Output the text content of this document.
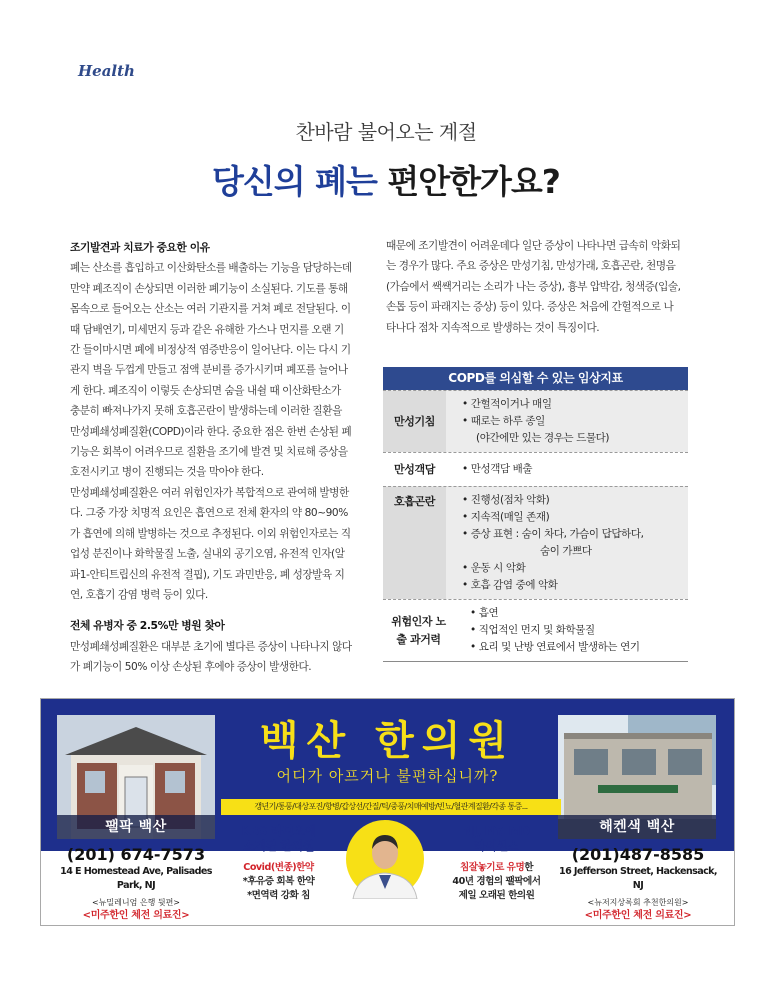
Health
찬바람 불어오는 계절
당신의 폐는 편안한가요?
조기발견과 치료가 중요한 이유

폐는 산소를 흡입하고 이산화탄소를 배출하는 기능을 담당하는데 만약 폐조직이 손상되면 이러한 폐기능이 소실된다. 기도를 통해 몸속으로 들어오는 산소는 여러 기관지를 거쳐 폐로 전달된다. 이때 담배연기, 미세먼지 등과 같은 유해한 가스나 먼지를 오랜 기간 들이마시면 폐에 비정상적 염증반응이 일어난다. 이는 다시 기관지 벽을 두껍게 만들고 점액 분비를 증가시키며 폐포를 늘어나게 한다. 폐조직이 이렇듯 손상되면 숨을 내쉴 때 이산화탄소가 충분히 빠져나가지 못해 호흡곤란이 발생하는데 이러한 질환을 만성폐쇄성폐질환(COPD)이라 한다. 중요한 점은 한번 손상된 폐기능은 회복이 어려우므로 질환을 조기에 발견 및 치료해 증상을 호전시키고 병이 진행되는 것을 막아야 한다.

만성폐쇄성폐질환은 여러 위험인자가 복합적으로 관여해 발병한다. 그중 가장 치명적 요인은 흡연으로 전체 환자의 약 80~90%가 흡연에 의해 발병하는 것으로 추정된다. 이외 위험인자로는 직업성 분진이나 화학물질 노출, 실내외 공기오염, 유전적 인자(알파1-안티트립신의 유전적 결핍), 기도 과민반응, 폐 성장발육 지연, 호흡기 감염 병력 등이 있다.

전체 유병자 중 2.5%만 병원 찾아

만성폐쇄성폐질환은 대부분 초기에 별다른 증상이 나타나지 않다가 폐기능이 50% 이상 손상된 후에야 증상이 발생한다.

때문에 조기발견이 어려운데다 일단 증상이 나타나면 급속히 악화되는 경우가 많다. 주요 증상은 만성기침, 만성가래, 호흡곤란, 천명음(가슴에서 쌕쌕거리는 소리가 나는 증상), 흉부 압박감, 청색증(입술, 손톱 등이 파래지는 증상) 등이 있다. 증상은 처음에 간헐적으로 나타나다 점차 지속적으로 발생하는 것이 특징이다.

COPD를 의심할 수 있는 임상지표
만성기침
• 간헐적이거나 매일
• 때로는 하루 종일
(야간에만 있는 경우는 드물다)
만성객담	• 만성객담 배출
호흡곤란	• 진행성(점차 악화)
• 지속적(매일 존재)
• 증상 표현 : 숨이 차다, 가슴이 답답하다,
숨이 가쁘다
• 운동 시 악화
• 호흡 감염 중에 악화
위험인자 노출 과거력
• 흡연
• 직업적인 먼지 및 화학물질
• 요리 및 난방 연료에서 발생하는 연기
팰팍 백산	해켄색 백산
백산 한의원
어디가 아프거나 불편하십니까?
갱년기/통풍/대상포진/향병/갑상선/간질/틱/중풍/치매예방/빈뇨/혈관계질환/각종 통증...
(201) 674-7573
14 E Homestead Ave, Palisades Park, NJ
<뉴밀레니엄 은행 뒷편>
<미주한인 체전 의료진>
KBS 라디오에
소개된 한의원
Covid(변종)한약
*후유증 회복 한약
*면역력 강화 침
NJ, NY, MD
라이센스
침잘놓기로 유명한
40년 경험의 팰팍에서
제일 오래된 한의원
(201)487-8585
16 Jefferson Street, Hackensack, NJ
<뉴저지상록회 추천한의원>
<미주한인 체전 의료진>
